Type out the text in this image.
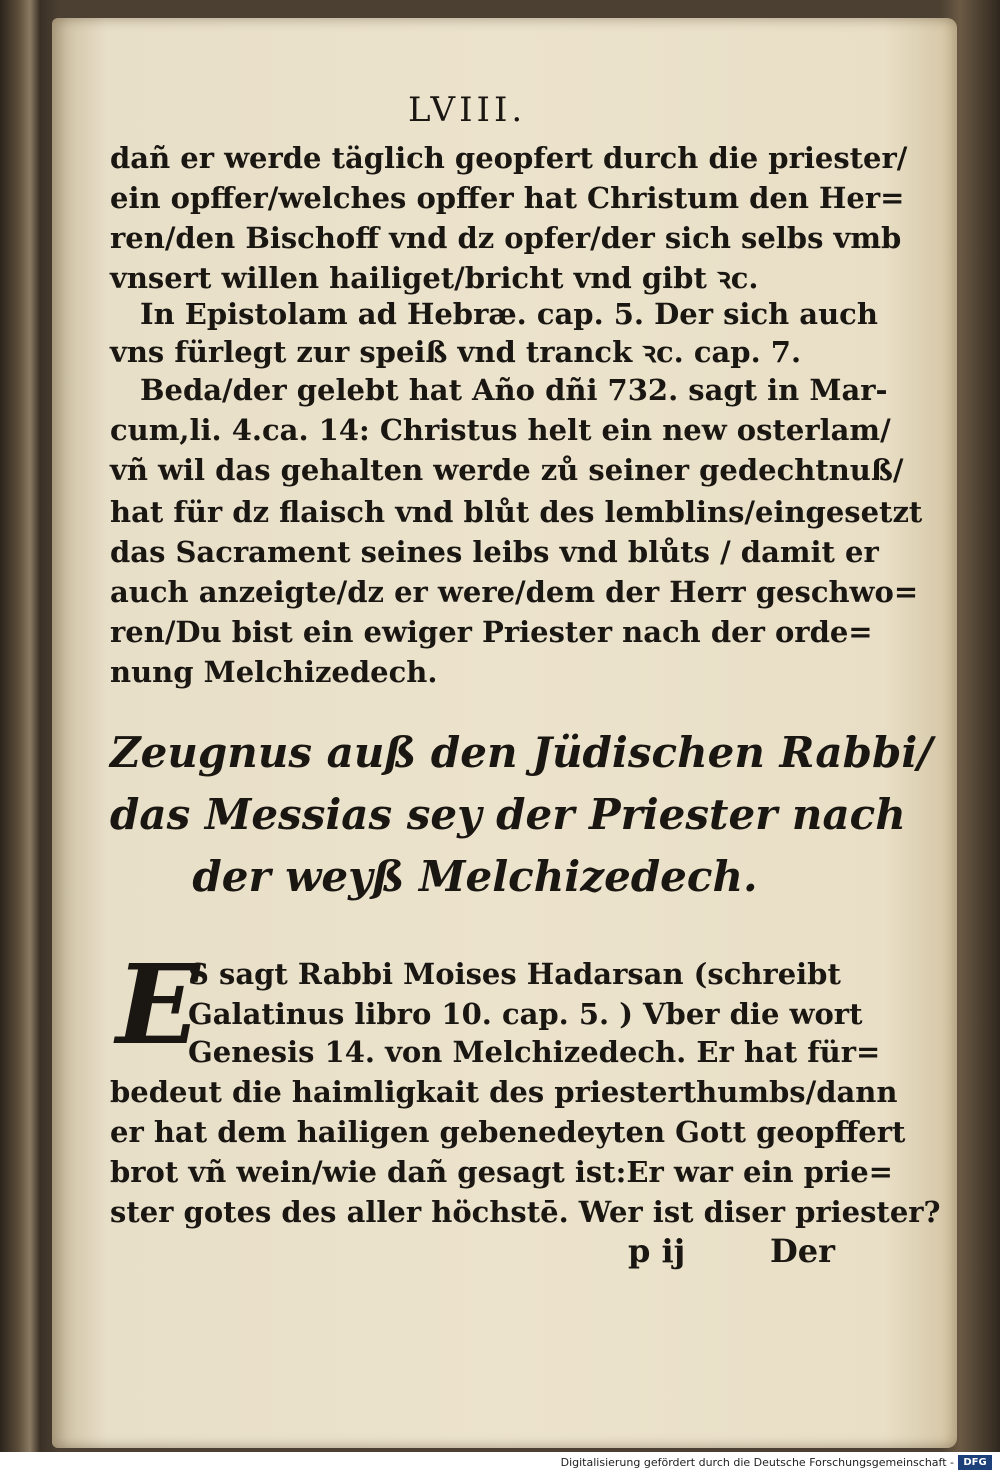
LVIII.
dañ er werde täglich geopfert durch die priester/
ein opffer/welches opffer hat Christum den Her=
ren/den Bischoff vnd dz opfer/der sich selbs vmb
vnsert willen hailiget/bricht vnd gibt ꝛc.
In Epistolam ad Hebræ. cap. 5. Der sich auch
vns fürlegt zur speiß vnd tranck ꝛc. cap. 7.
Beda/der gelebt hat Año dñi 732. sagt in Mar-
cum,li. 4.ca. 14: Christus helt ein new osterlam/
vñ wil das gehalten werde zů seiner gedechtnuß/
hat für dz flaisch vnd blůt des lemblins/eingesetzt
das Sacrament seines leibs vnd blůts / damit er
auch anzeigte/dz er were/dem der Herr geschwo=
ren/Du bist ein ewiger Priester nach der orde=
nung Melchizedech.
Zeugnus auß den Jüdischen Rabbi/
das Messias sey der Priester nach
der weyß Melchizedech.
E
S sagt Rabbi Moises Hadarsan (schreibt
Galatinus libro 10. cap. 5. ) Vber die wort
Genesis 14. von Melchizedech. Er hat für=
bedeut die haimligkait des priesterthumbs/dann
er hat dem hailigen gebenedeyten Gott geopffert
brot vñ wein/wie dañ gesagt ist:Er war ein prie=
ster gotes des aller höchstē. Wer ist diser priester?
p ij	Der
Digitalisierung gefördert durch die Deutsche Forschungsgemeinschaft - DFG
